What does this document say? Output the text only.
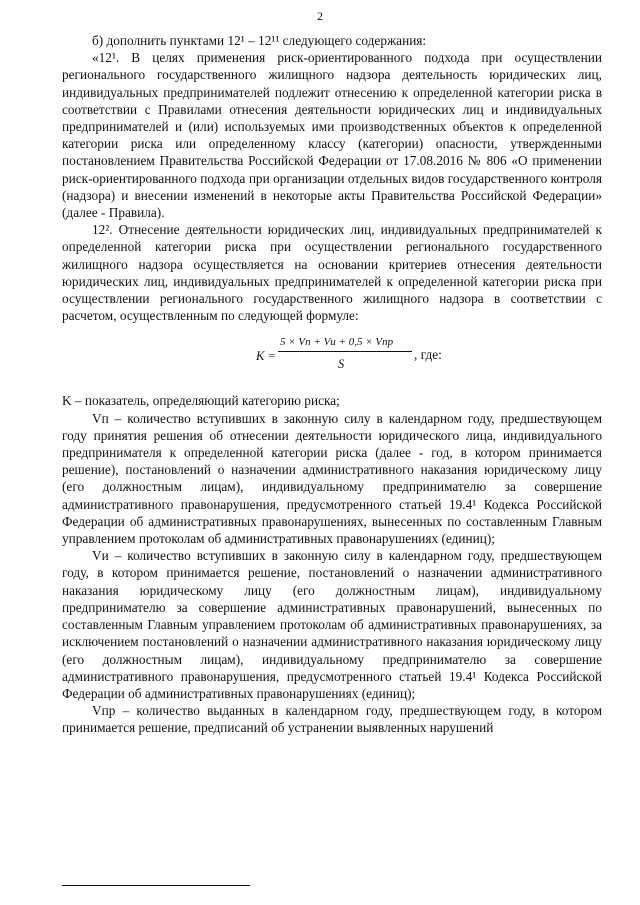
2

б) дополнить пунктами 12¹ – 12¹¹ следующего содержания:

«12¹. В целях применения риск-ориентированного подхода при осуществлении регионального государственного жилищного надзора деятельность юридических лиц, индивидуальных предпринимателей подлежит отнесению к определенной категории риска в соответствии с Правилами отнесения деятельности юридических лиц и индивидуальных предпринимателей и (или) используемых ими производственных объектов к определенной категории риска или определенному классу (категории) опасности, утвержденными постановлением Правительства Российской Федерации от 17.08.2016 № 806 «О применении риск-ориентированного подхода при организации отдельных видов государственного контроля (надзора) и внесении изменений в некоторые акты Правительства Российской Федерации» (далее - Правила).

12². Отнесение деятельности юридических лиц, индивидуальных предпринимателей к определенной категории риска при осуществлении регионального государственного жилищного надзора осуществляется на основании критериев отнесения деятельности юридических лиц, индивидуальных предпринимателей к определенной категории риска при осуществлении регионального государственного жилищного надзора в соответствии с расчетом, осуществленным по следующей формуле:

K =
5 × Vп + Vи + 0,5 × Vпр
S
, где:

K – показатель, определяющий категорию риска;

Vп – количество вступивших в законную силу в календарном году, предшествующем году принятия решения об отнесении деятельности юридического лица, индивидуального предпринимателя к определенной категории риска (далее - год, в котором принимается решение), постановлений о назначении административного наказания юридическому лицу (его должностным лицам), индивидуальному предпринимателю за совершение административного правонарушения, предусмотренного статьей 19.4¹ Кодекса Российской Федерации об административных правонарушениях, вынесенных по составленным Главным управлением протоколам об административных правонарушениях (единиц);

Vи – количество вступивших в законную силу в календарном году, предшествующем году, в котором принимается решение, постановлений о назначении административного наказания юридическому лицу (его должностным лицам), индивидуальному предпринимателю за совершение административных правонарушений, вынесенных по составленным Главным управлением протоколам об административных правонарушениях, за исключением постановлений о назначении административного наказания юридическому лицу (его должностным лицам), индивидуальному предпринимателю за совершение административного правонарушения, предусмотренного статьей 19.4¹ Кодекса Российской Федерации об административных правонарушениях (единиц);

Vпр – количество выданных в календарном году, предшествующем году, в котором принимается решение, предписаний об устранении выявленных нарушений
